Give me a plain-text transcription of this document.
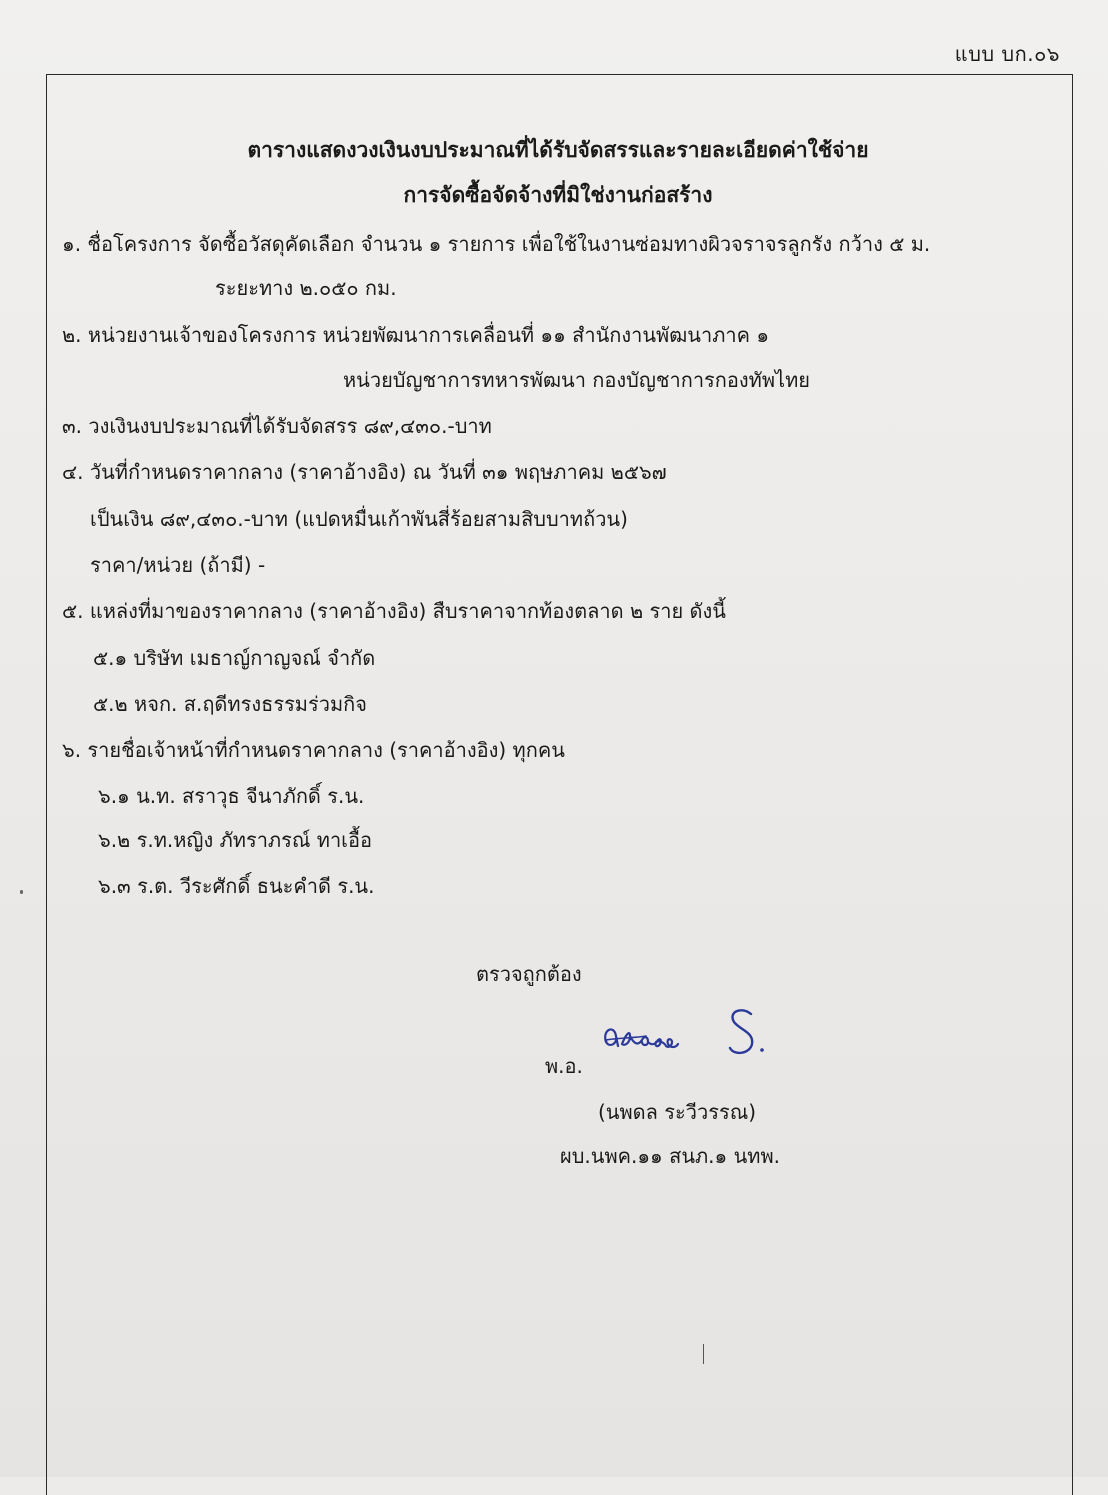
แบบ บก.๐๖
ตารางแสดงวงเงินงบประมาณที่ได้รับจัดสรรและรายละเอียดค่าใช้จ่าย
การจัดซื้อจัดจ้างที่มิใช่งานก่อสร้าง
๑. ชื่อโครงการ จัดซื้อวัสดุคัดเลือก จำนวน ๑ รายการ เพื่อใช้ในงานซ่อมทางผิวจราจรลูกรัง กว้าง ๕ ม.
ระยะทาง ๒.๐๕๐ กม.
๒. หน่วยงานเจ้าของโครงการ หน่วยพัฒนาการเคลื่อนที่ ๑๑ สำนักงานพัฒนาภาค ๑
หน่วยบัญชาการทหารพัฒนา กองบัญชาการกองทัพไทย
๓. วงเงินงบประมาณที่ได้รับจัดสรร ๘๙,๔๓๐.-บาท
๔. วันที่กำหนดราคากลาง (ราคาอ้างอิง) ณ วันที่ ๓๑ พฤษภาคม ๒๕๖๗
เป็นเงิน ๘๙,๔๓๐.-บาท (แปดหมื่นเก้าพันสี่ร้อยสามสิบบาทถ้วน)
ราคา/หน่วย (ถ้ามี) -
๕. แหล่งที่มาของราคากลาง (ราคาอ้างอิง) สืบราคาจากท้องตลาด ๒ ราย ดังนี้
๕.๑ บริษัท เมธาญ์กาญจณ์ จำกัด
๕.๒ หจก. ส.ฤดีทรงธรรมร่วมกิจ
๖. รายชื่อเจ้าหน้าที่กำหนดราคากลาง (ราคาอ้างอิง) ทุกคน
๖.๑ น.ท. สราวุธ จีนาภักดิ์ ร.น.
๖.๒ ร.ท.หญิง ภัทราภรณ์ ทาเอื้อ
๖.๓ ร.ต. วีระศักดิ์ ธนะคำดี ร.น.
ตรวจถูกต้อง
พ.อ.
(นพดล ระวีวรรณ)
ผบ.นพค.๑๑ สนภ.๑ นทพ.
